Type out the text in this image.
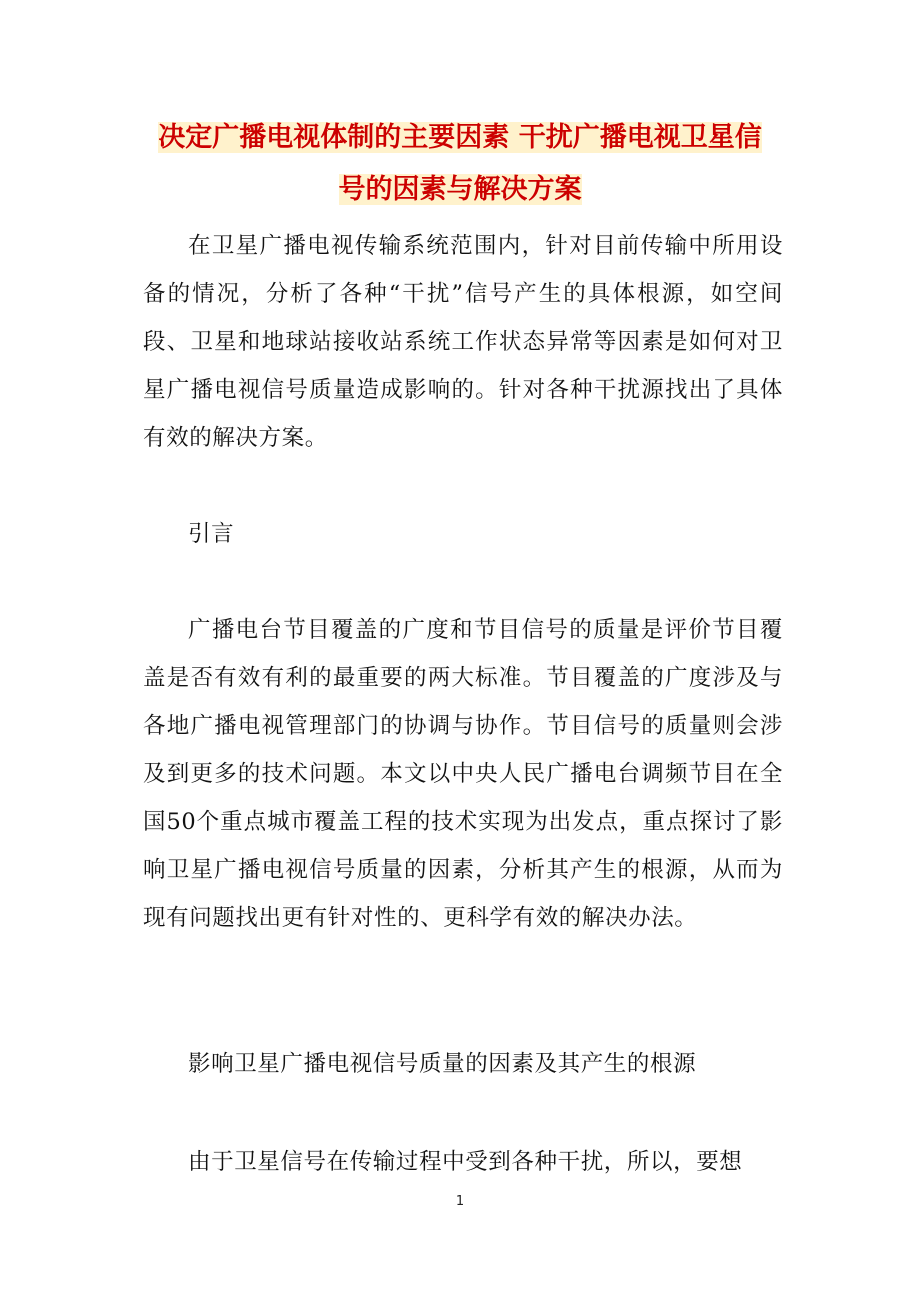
决定广播电视体制的主要因素 干扰广播电视卫星信
号的因素与解决方案

在卫星广播电视传输系统范围内，针对目前传输中所用设备的情况，分析了各种“干扰”信号产生的具体根源，如空间段、卫星和地球站接收站系统工作状态异常等因素是如何对卫星广播电视信号质量造成影响的。针对各种干扰源找出了具体有效的解决方案。

引言

广播电台节目覆盖的广度和节目信号的质量是评价节目覆盖是否有效有利的最重要的两大标准。节目覆盖的广度涉及与各地广播电视管理部门的协调与协作。节目信号的质量则会涉及到更多的技术问题。本文以中央人民广播电台调频节目在全国50个重点城市覆盖工程的技术实现为出发点，重点探讨了影响卫星广播电视信号质量的因素，分析其产生的根源，从而为现有问题找出更有针对性的、更科学有效的解决办法。

影响卫星广播电视信号质量的因素及其产生的根源

由于卫星信号在传输过程中受到各种干扰，所以，要想

1
